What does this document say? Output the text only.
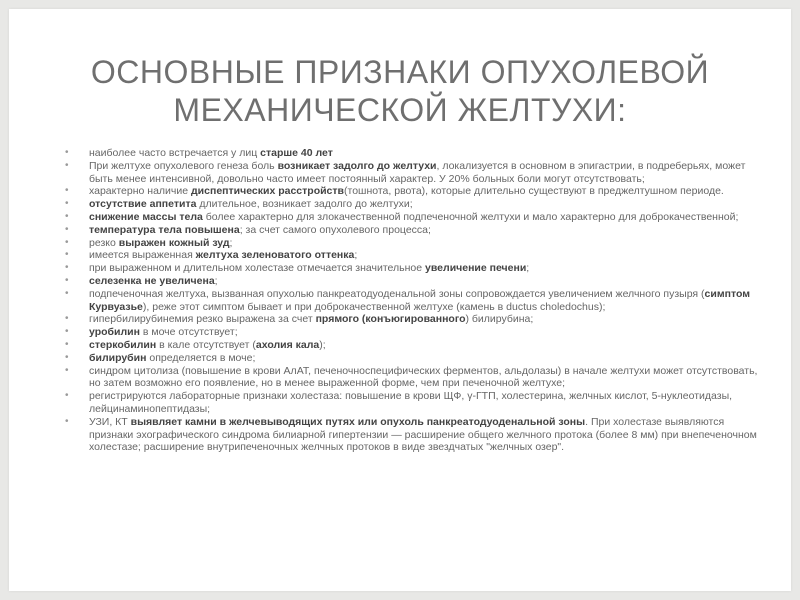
ОСНОВНЫЕ ПРИЗНАКИ ОПУХОЛЕВОЙ
МЕХАНИЧЕСКОЙ ЖЕЛТУХИ:
• наиболее часто встречается у лиц старше 40 лет
• При желтухе опухолевого генеза боль возникает задолго до желтухи, локализуется в основном в эпигастрии, в подреберьях, может быть менее интенсивной, довольно часто имеет постоянный характер. У 20% больных боли могут отсутствовать;
• характерно наличие диспептических расстройств(тошнота, рвота), которые длительно существуют в преджелтушном периоде.
• отсутствие аппетита длительное, возникает задолго до желтухи;
• снижение массы тела более характерно для злокачественной подпеченочной желтухи и мало характерно для доброкачественной;
• температура тела повышена; за счет самого опухолевого процесса;
• резко выражен кожный зуд;
• имеется выраженная желтуха зеленоватого оттенка;
• при выраженном и длительном холестазе отмечается значительное увеличение печени;
• селезенка не увеличена;
• подпеченочная желтуха, вызванная опухолью панкреатодуоденальной зоны сопровождается увеличением желчного пузыря (симптом Курвуазье), реже этот симптом бывает и при доброкачественной желтухе (камень в ductus choledochus);
• гипербилирубинемия резко выражена за счет прямого (конъюгированного) билирубина;
• уробилин в моче отсутствует;
• стеркобилин в кале отсутствует (ахолия кала);
• билирубин определяется в моче;
• синдром цитолиза (повышение в крови АлАТ, печеночноспецифических ферментов, альдолазы) в начале желтухи может отсутствовать, но затем возможно его появление, но в менее выраженной форме, чем при печеночной желтухе;
• регистрируются лабораторные признаки холестаза: повышение в крови ЩФ, γ-ГТП, холестерина, желчных кислот, 5-нуклеотидазы, лейцинаминопептидазы;
• УЗИ, КТ выявляет камни в желчевыводящих путях или опухоль панкреатодуоденальной зоны. При холестазе выявляются признаки эхографического синдрома билиарной гипертензии — расширение общего желчного протока (более 8 мм) при внепеченочном холестазе; расширение внутрипеченочных желчных протоков в виде звездчатых "желчных озер".
